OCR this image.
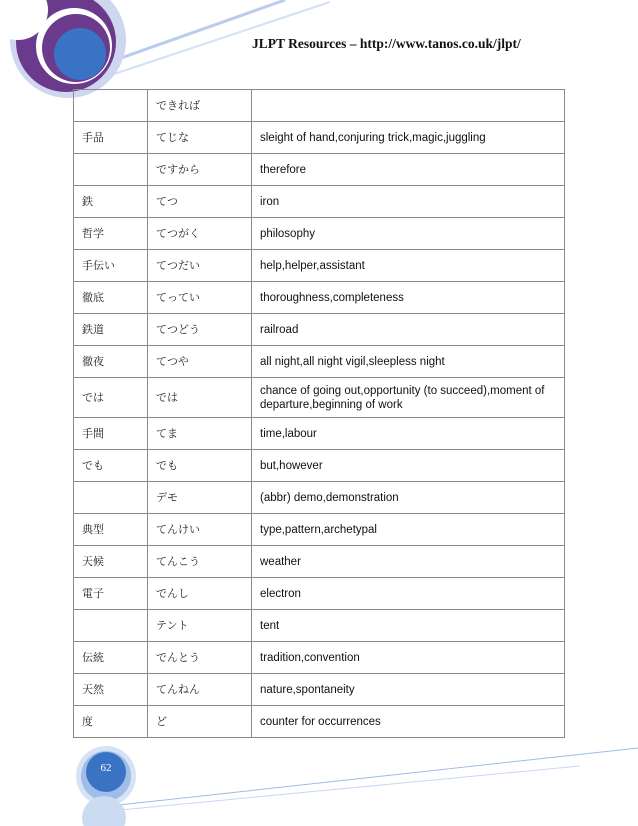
JLPT Resources – http://www.tanos.co.uk/jlpt/
	できれば	
手品	てじな	sleight of hand,conjuring trick,magic,juggling
	ですから	therefore
鉄	てつ	iron
哲学	てつがく	philosophy
手伝い	てつだい	help,helper,assistant
徹底	てってい	thoroughness,completeness
鉄道	てつどう	railroad
徹夜	てつや	all night,all night vigil,sleepless night
では	では	chance of going out,opportunity (to succeed),moment of departure,beginning of work
手間	てま	time,labour
でも	でも	but,however
	デモ	(abbr) demo,demonstration
典型	てんけい	type,pattern,archetypal
天候	てんこう	weather
電子	でんし	electron
	テント	tent
伝統	でんとう	tradition,convention
天然	てんねん	nature,spontaneity
度	ど	counter for occurrences
62
